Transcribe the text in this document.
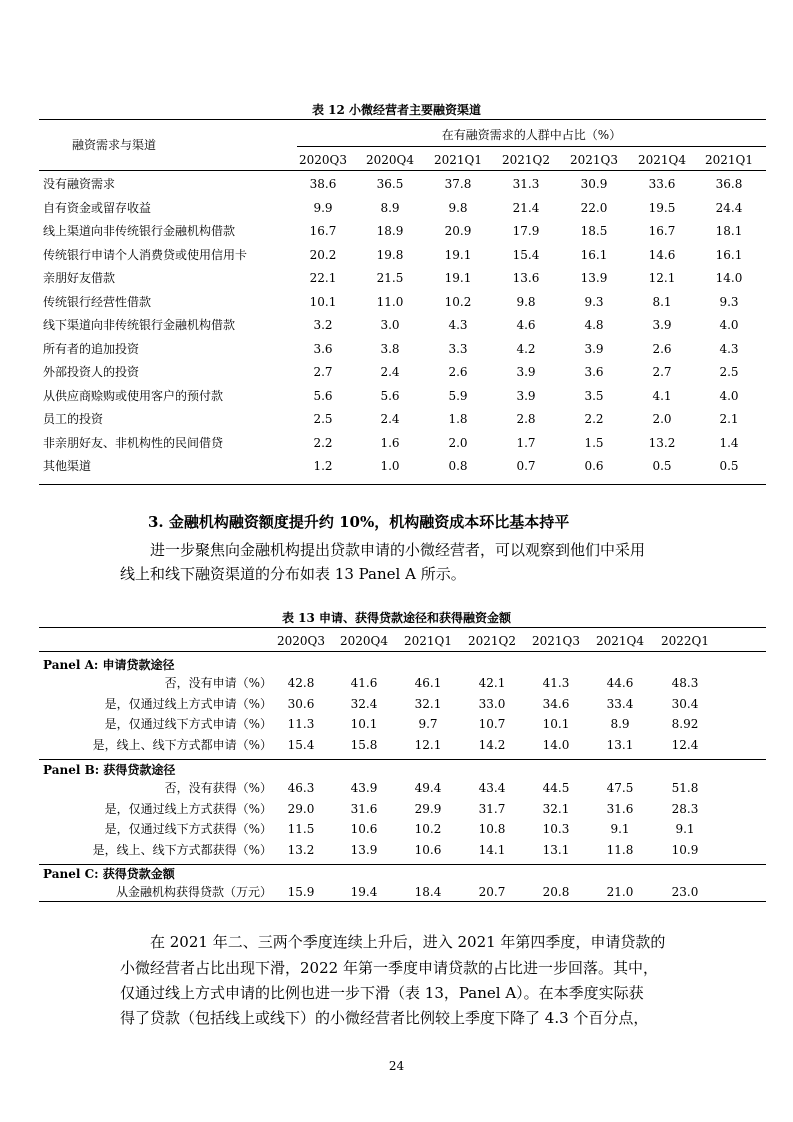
表 12 小微经营者主要融资渠道
融资需求与渠道
在有融资需求的人群中占比（%）
2020Q3	2020Q4	2021Q1	2021Q2	2021Q3	2021Q4	2021Q1
没有融资需求	38.6	36.5	37.8	31.3	30.9	33.6	36.8
自有资金或留存收益	9.9	8.9	9.8	21.4	22.0	19.5	24.4
线上渠道向非传统银行金融机构借款	16.7	18.9	20.9	17.9	18.5	16.7	18.1
传统银行申请个人消费贷或使用信用卡	20.2	19.8	19.1	15.4	16.1	14.6	16.1
亲朋好友借款	22.1	21.5	19.1	13.6	13.9	12.1	14.0
传统银行经营性借款	10.1	11.0	10.2	9.8	9.3	8.1	9.3
线下渠道向非传统银行金融机构借款	3.2	3.0	4.3	4.6	4.8	3.9	4.0
所有者的追加投资	3.6	3.8	3.3	4.2	3.9	2.6	4.3
外部投资人的投资	2.7	2.4	2.6	3.9	3.6	2.7	2.5
从供应商赊购或使用客户的预付款	5.6	5.6	5.9	3.9	3.5	4.1	4.0
员工的投资	2.5	2.4	1.8	2.8	2.2	2.0	2.1
非亲朋好友、非机构性的民间借贷	2.2	1.6	2.0	1.7	1.5	13.2	1.4
其他渠道	1.2	1.0	0.8	0.7	0.6	0.5	0.5
3. 金融机构融资额度提升约 10%，机构融资成本环比基本持平
进一步聚焦向金融机构提出贷款申请的小微经营者，可以观察到他们中采用
线上和线下融资渠道的分布如表 13 Panel A 所示。
表 13 申请、获得贷款途径和获得融资金额
2020Q3	2020Q4	2021Q1	2021Q2	2021Q3	2021Q4	2022Q1
Panel A: 申请贷款途径
否，没有申请（%）	42.8	41.6	46.1	42.1	41.3	44.6	48.3
是，仅通过线上方式申请（%）	30.6	32.4	32.1	33.0	34.6	33.4	30.4
是，仅通过线下方式申请（%）	11.3	10.1	9.7	10.7	10.1	8.9	8.92
是，线上、线下方式都申请（%）	15.4	15.8	12.1	14.2	14.0	13.1	12.4
Panel B: 获得贷款途径
否，没有获得（%）	46.3	43.9	49.4	43.4	44.5	47.5	51.8
是，仅通过线上方式获得（%）	29.0	31.6	29.9	31.7	32.1	31.6	28.3
是，仅通过线下方式获得（%）	11.5	10.6	10.2	10.8	10.3	9.1	9.1
是，线上、线下方式都获得（%）	13.2	13.9	10.6	14.1	13.1	11.8	10.9
Panel C: 获得贷款金额
从金融机构获得贷款（万元）	15.9	19.4	18.4	20.7	20.8	21.0	23.0
在 2021 年二、三两个季度连续上升后，进入 2021 年第四季度，申请贷款的
小微经营者占比出现下滑，2022 年第一季度申请贷款的占比进一步回落。其中，
仅通过线上方式申请的比例也进一步下滑（表 13，Panel A）。在本季度实际获
得了贷款（包括线上或线下）的小微经营者比例较上季度下降了 4.3 个百分点，
24
